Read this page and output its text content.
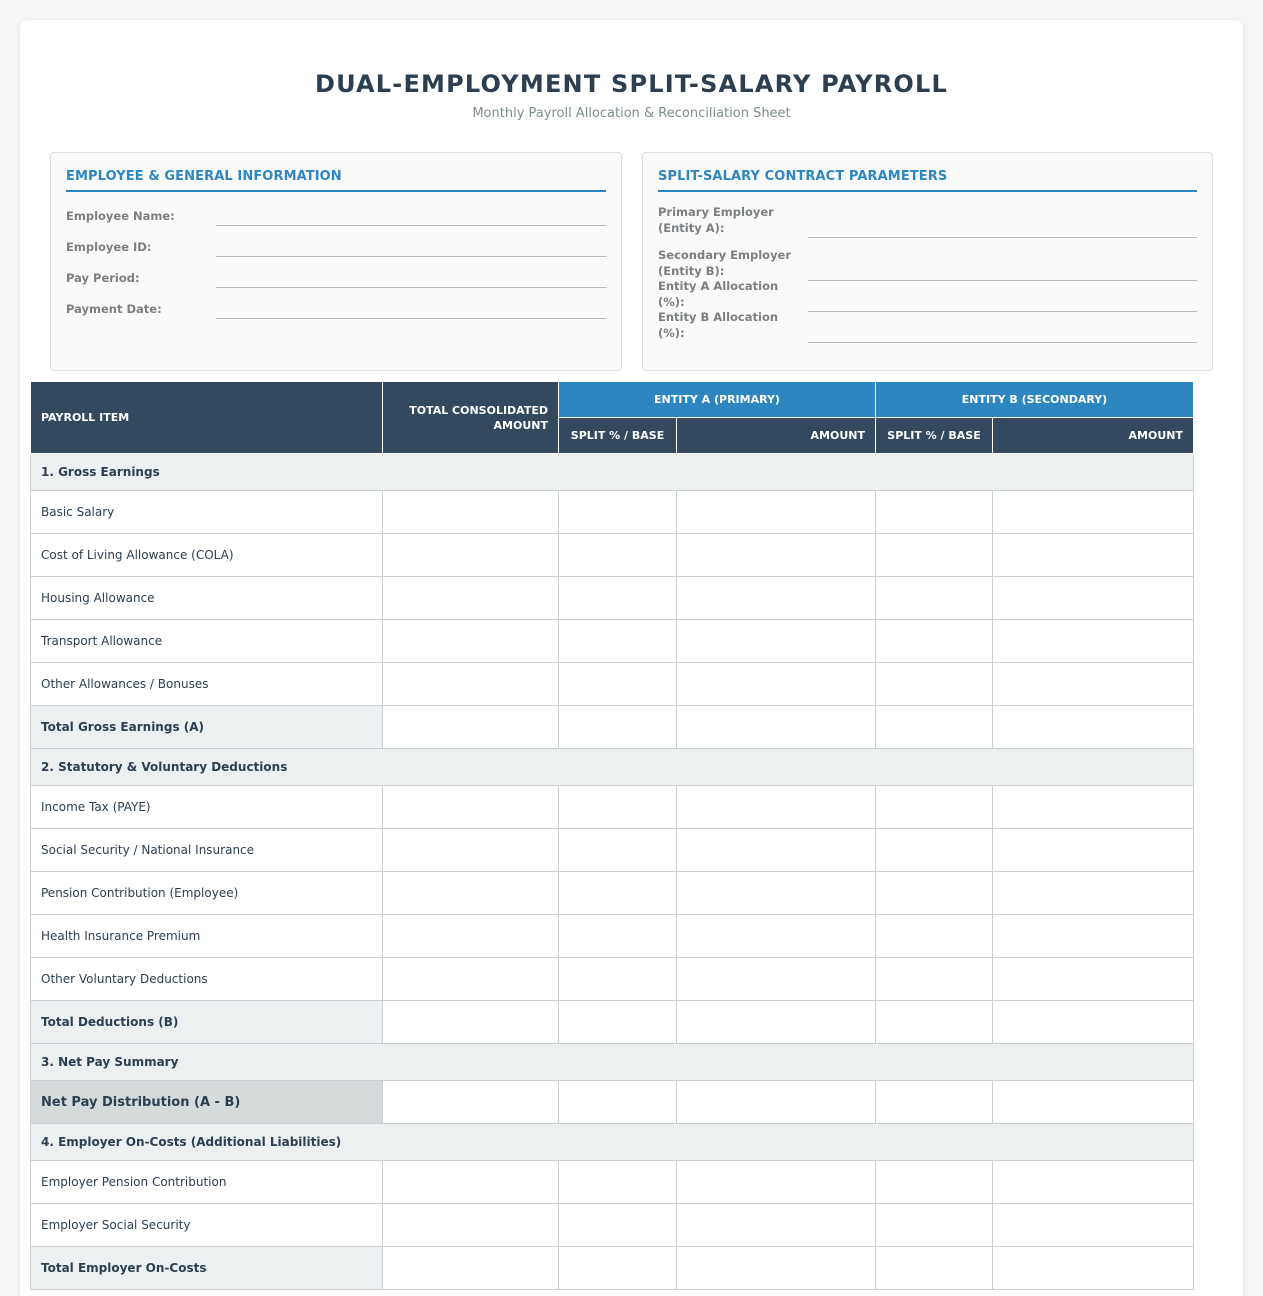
DUAL-EMPLOYMENT SPLIT-SALARY PAYROLL
Monthly Payroll Allocation & Reconciliation Sheet
EMPLOYEE & GENERAL INFORMATION
Employee Name:
Employee ID:
Pay Period:
Payment Date:
SPLIT-SALARY CONTRACT PARAMETERS
Primary Employer (Entity A):
Secondary Employer (Entity B):
Entity A Allocation (%):
Entity B Allocation (%):
PAYROLL ITEM	TOTAL CONSOLIDATED AMOUNT	ENTITY A (PRIMARY)		ENTITY B (SECONDARY)	
		SPLIT % / BASE	AMOUNT	SPLIT % / BASE	AMOUNT
1. Gross Earnings					
Basic Salary					
Cost of Living Allowance (COLA)					
Housing Allowance					
Transport Allowance					
Other Allowances / Bonuses					
Total Gross Earnings (A)					
2. Statutory & Voluntary Deductions					
Income Tax (PAYE)					
Social Security / National Insurance					
Pension Contribution (Employee)					
Health Insurance Premium					
Other Voluntary Deductions					
Total Deductions (B)					
3. Net Pay Summary					
Net Pay Distribution (A - B)					
4. Employer On-Costs (Additional Liabilities)					
Employer Pension Contribution					
Employer Social Security					
Total Employer On-Costs					
